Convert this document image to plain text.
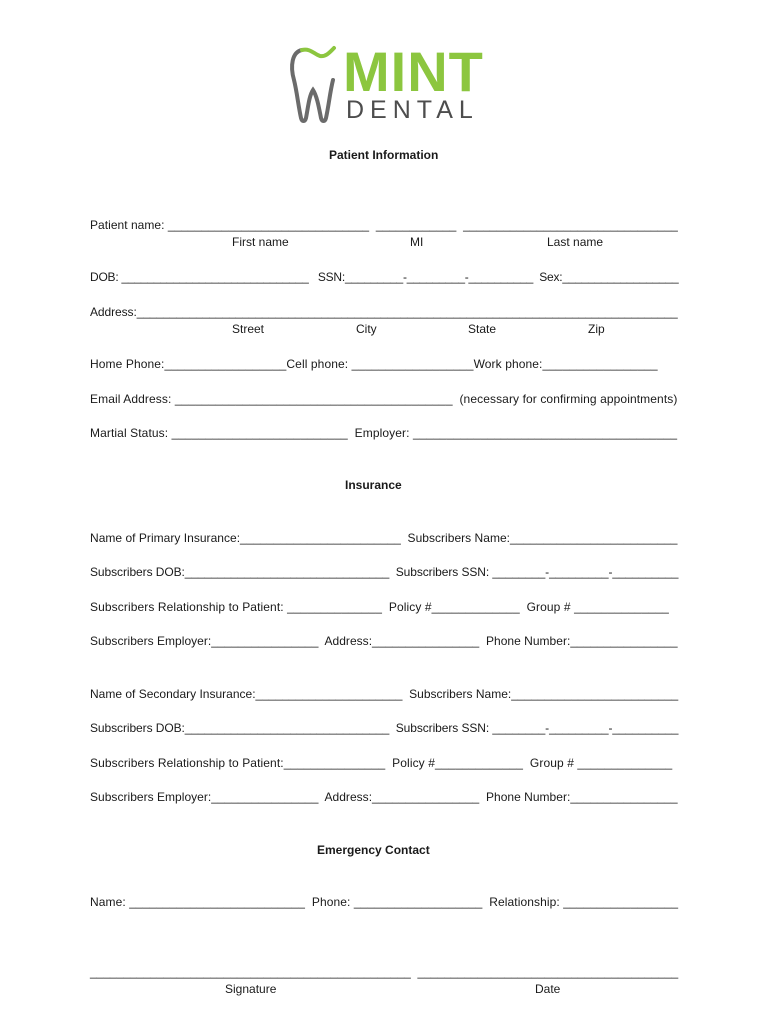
MINT
DENTAL
Patient Information
Patient name: ______________________________  ____________  ________________________________
First name	MI	Last name
DOB: _____________________________   SSN:_________-_________-__________  Sex:__________________
Address:__________________________________________________________________________________
Street	City	State	Zip
Home Phone:__________________Cell phone: __________________Work phone:_________________
Email Address: _________________________________________  (necessary for confirming appointments)
Martial Status: __________________________  Employer: _______________________________________
Insurance
Name of Primary Insurance:________________________  Subscribers Name:_________________________
Subscribers DOB:_______________________________  Subscribers SSN: ________-_________-__________
Subscribers Relationship to Patient: ______________  Policy #_____________  Group # ______________
Subscribers Employer:________________  Address:________________  Phone Number:________________
Name of Secondary Insurance:______________________  Subscribers Name:_________________________
Subscribers DOB:_______________________________  Subscribers SSN: ________-_________-__________
Subscribers Relationship to Patient:_______________  Policy #_____________  Group # ______________
Subscribers Employer:________________  Address:________________  Phone Number:________________
Emergency Contact
Name: __________________________  Phone: ___________________  Relationship: _________________
________________________________________________  _______________________________________
Signature	Date
